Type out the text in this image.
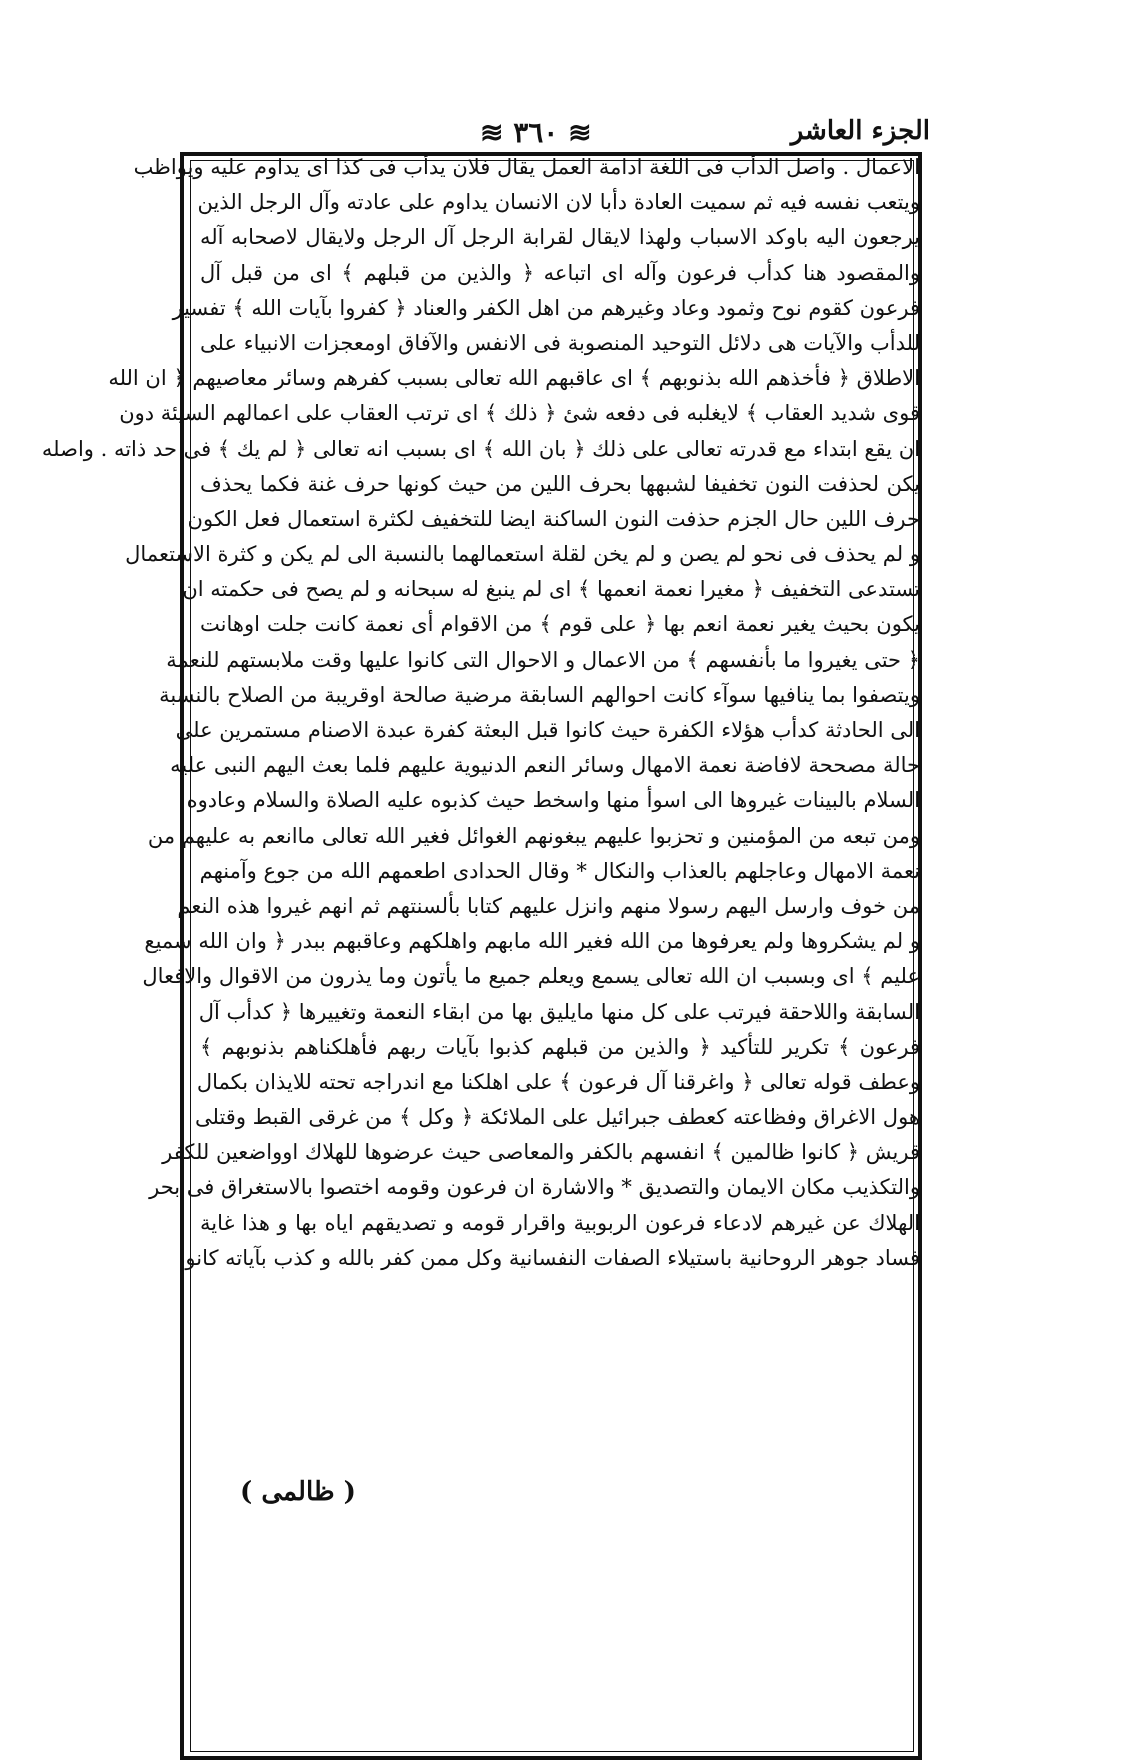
≋ ٣٦٠ ≋	الجزء العاشر
الاعمال . واصل الدأب فى اللغة ادامة العمل يقال فلان يدأب فى كذا اى يداوم عليه ويواظب
ويتعب نفسه فيه ثم سميت العادة دأبا لان الانسان يداوم على عادته وآل الرجل الذين
يرجعون اليه باوكد الاسباب ولهذا لايقال لقرابة الرجل آل الرجل ولايقال لاصحابه آله
والمقصود هنا كدأب فرعون وآله اى اتباعه ﴿ والذين من قبلهم ﴾ اى من قبل آل
فرعون كقوم نوح وثمود وعاد وغيرهم من اهل الكفر والعناد ﴿ كفروا بآيات الله ﴾ تفسير
للدأب والآيات هى دلائل التوحيد المنصوبة فى الانفس والآفاق اومعجزات الانبياء على
الاطلاق ﴿ فأخذهم الله بذنوبهم ﴾ اى عاقبهم الله تعالى بسبب كفرهم وسائر معاصيهم ﴿ ان الله
قوى شديد العقاب ﴾ لايغلبه فى دفعه شئ ﴿ ذلك ﴾ اى ترتب العقاب على اعمالهم السيئة دون
ان يقع ابتداء مع قدرته تعالى على ذلك ﴿ بان الله ﴾ اى بسبب انه تعالى ﴿ لم يك ﴾ فى حد ذاته . واصله
يكن لحذفت النون تخفيفا لشبهها بحرف اللين من حيث كونها حرف غنة فكما يحذف
حرف اللين حال الجزم حذفت النون الساكنة ايضا للتخفيف لكثرة استعمال فعل الكون
و لم يحذف فى نحو لم يصن و لم يخن لقلة استعمالهما بالنسبة الى لم يكن و كثرة الاستعمال
تستدعى التخفيف ﴿ مغيرا نعمة انعمها ﴾ اى لم ينبغ له سبحانه و لم يصح فى حكمته ان
يكون بحيث يغير نعمة انعم بها ﴿ على قوم ﴾ من الاقوام أى نعمة كانت جلت اوهانت
﴿ حتى يغيروا ما بأنفسهم ﴾ من الاعمال و الاحوال التى كانوا عليها وقت ملابستهم للنعمة
ويتصفوا بما ينافيها سوآء كانت احوالهم السابقة مرضية صالحة اوقريبة من الصلاح بالنسبة
الى الحادثة كدأب هؤلاء الكفرة حيث كانوا قبل البعثة كفرة عبدة الاصنام مستمرين على
حالة مصححة لافاضة نعمة الامهال وسائر النعم الدنيوية عليهم فلما بعث اليهم النبى عليه
السلام بالبينات غيروها الى اسوأ منها واسخط حيث كذبوه عليه الصلاة والسلام وعادوه
ومن تبعه من المؤمنين و تحزبوا عليهم يبغونهم الغوائل فغير الله تعالى ماانعم به عليهم من
نعمة الامهال وعاجلهم بالعذاب والنكال * وقال الحدادى اطعمهم الله من جوع وآمنهم
من خوف وارسل اليهم رسولا منهم وانزل عليهم كتابا بألسنتهم ثم انهم غيروا هذه النعم
و لم يشكروها ولم يعرفوها من الله فغير الله مابهم واهلكهم وعاقبهم ببدر ﴿ وان الله سميع
عليم ﴾ اى وبسبب ان الله تعالى يسمع ويعلم جميع ما يأتون وما يذرون من الاقوال والافعال
السابقة واللاحقة فيرتب على كل منها مايليق بها من ابقاء النعمة وتغييرها ﴿ كدأب آل
فرعون ﴾ تكرير للتأكيد ﴿ والذين من قبلهم كذبوا بآيات ربهم فأهلكناهم بذنوبهم ﴾
وعطف قوله تعالى ﴿ واغرقنا آل فرعون ﴾ على اهلكنا مع اندراجه تحته للايذان بكمال
هول الاغراق وفظاعته كعطف جبرائيل على الملائكة ﴿ وكل ﴾ من غرقى القبط وقتلى
قريش ﴿ كانوا ظالمين ﴾ انفسهم بالكفر والمعاصى حيث عرضوها للهلاك اوواضعين للكفر
والتكذيب مكان الايمان والتصديق * والاشارة ان فرعون وقومه اختصوا بالاستغراق فى بحر
الهلاك عن غيرهم لادعاء فرعون الربوبية واقرار قومه و تصديقهم اياه بها و هذا غاية
فساد جوهر الروحانية باستيلاء الصفات النفسانية وكل ممن كفر بالله و كذب بآياته كانوا
( ظالمى )
